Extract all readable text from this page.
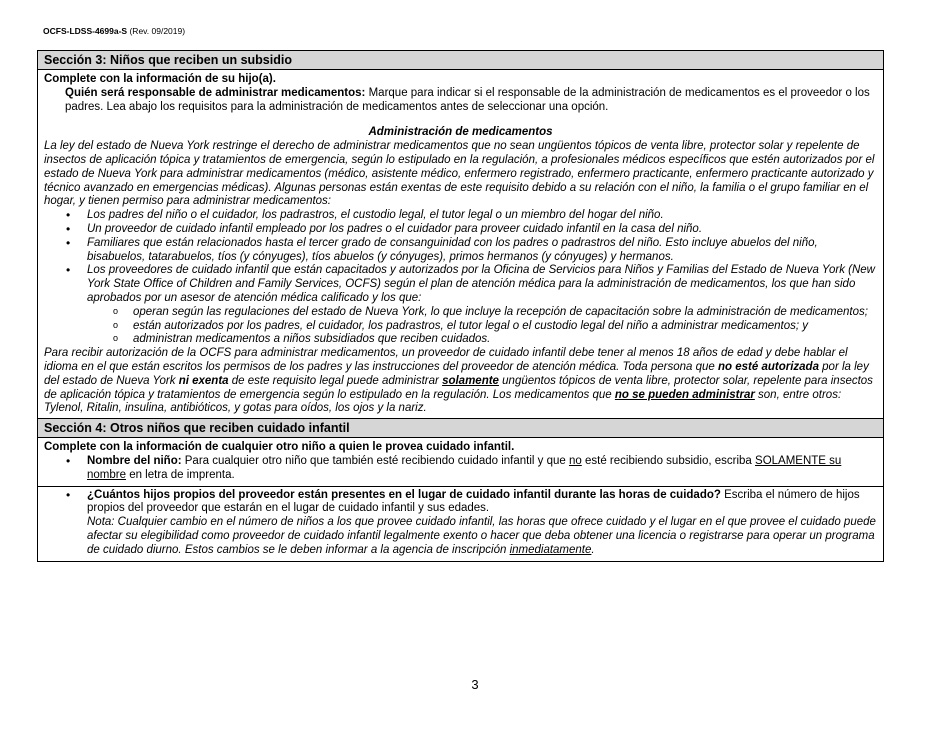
OCFS-LDSS-4699a-S (Rev. 09/2019)
Sección 3: Niños que reciben un subsidio
Complete con la información de su hijo(a).
Quién será responsable de administrar medicamentos: Marque para indicar si el responsable de la administración de medicamentos es el proveedor o los padres. Lea abajo los requisitos para la administración de medicamentos antes de seleccionar una opción.
Administración de medicamentos
La ley del estado de Nueva York restringe el derecho de administrar medicamentos que no sean ungüentos tópicos de venta libre, protector solar y repelente de insectos de aplicación tópica y tratamientos de emergencia, según lo estipulado en la regulación, a profesionales médicos específicos que estén autorizados por el estado de Nueva York para administrar medicamentos (médico, asistente médico, enfermero registrado, enfermero practicante, enfermero practicante autorizado y técnico avanzado en emergencias médicas). Algunas personas están exentas de este requisito debido a su relación con el niño, la familia o el grupo familiar en el hogar, y tienen permiso para administrar medicamentos:
• Los padres del niño o el cuidador, los padrastros, el custodio legal, el tutor legal o un miembro del hogar del niño.
• Un proveedor de cuidado infantil empleado por los padres o el cuidador para proveer cuidado infantil en la casa del niño.
• Familiares que están relacionados hasta el tercer grado de consanguinidad con los padres o padrastros del niño. Esto incluye abuelos del niño, bisabuelos, tatarabuelos, tíos (y cónyuges), tíos abuelos (y cónyuges), primos hermanos (y cónyuges) y hermanos.
• Los proveedores de cuidado infantil que están capacitados y autorizados por la Oficina de Servicios para Niños y Familias del Estado de Nueva York (New York State Office of Children and Family Services, OCFS) según el plan de atención médica para la administración de medicamentos, los que han sido aprobados por un asesor de atención médica calificado y los que:
o operan según las regulaciones del estado de Nueva York, lo que incluye la recepción de capacitación sobre la administración de medicamentos;
o están autorizados por los padres, el cuidador, los padrastros, el tutor legal o el custodio legal del niño a administrar medicamentos; y
o administran medicamentos a niños subsidiados que reciben cuidados.
Para recibir autorización de la OCFS para administrar medicamentos, un proveedor de cuidado infantil debe tener al menos 18 años de edad y debe hablar el idioma en el que están escritos los permisos de los padres y las instrucciones del proveedor de atención médica. Toda persona que no esté autorizada por la ley del estado de Nueva York ni exenta de este requisito legal puede administrar solamente ungüentos tópicos de venta libre, protector solar, repelente para insectos de aplicación tópica y tratamientos de emergencia según lo estipulado en la regulación. Los medicamentos que no se pueden administrar son, entre otros: Tylenol, Ritalin, insulina, antibióticos, y gotas para oídos, los ojos y la nariz.
Sección 4: Otros niños que reciben cuidado infantil
Complete con la información de cualquier otro niño a quien le provea cuidado infantil.
• Nombre del niño: Para cualquier otro niño que también esté recibiendo cuidado infantil y que no esté recibiendo subsidio, escriba SOLAMENTE su nombre en letra de imprenta.
• ¿Cuántos hijos propios del proveedor están presentes en el lugar de cuidado infantil durante las horas de cuidado? Escriba el número de hijos propios del proveedor que estarán en el lugar de cuidado infantil y sus edades.
Nota: Cualquier cambio en el número de niños a los que provee cuidado infantil, las horas que ofrece cuidado y el lugar en el que provee el cuidado puede afectar su elegibilidad como proveedor de cuidado infantil legalmente exento o hacer que deba obtener una licencia o registrarse para operar un programa de cuidado diurno. Estos cambios se le deben informar a la agencia de inscripción inmediatamente.
3
